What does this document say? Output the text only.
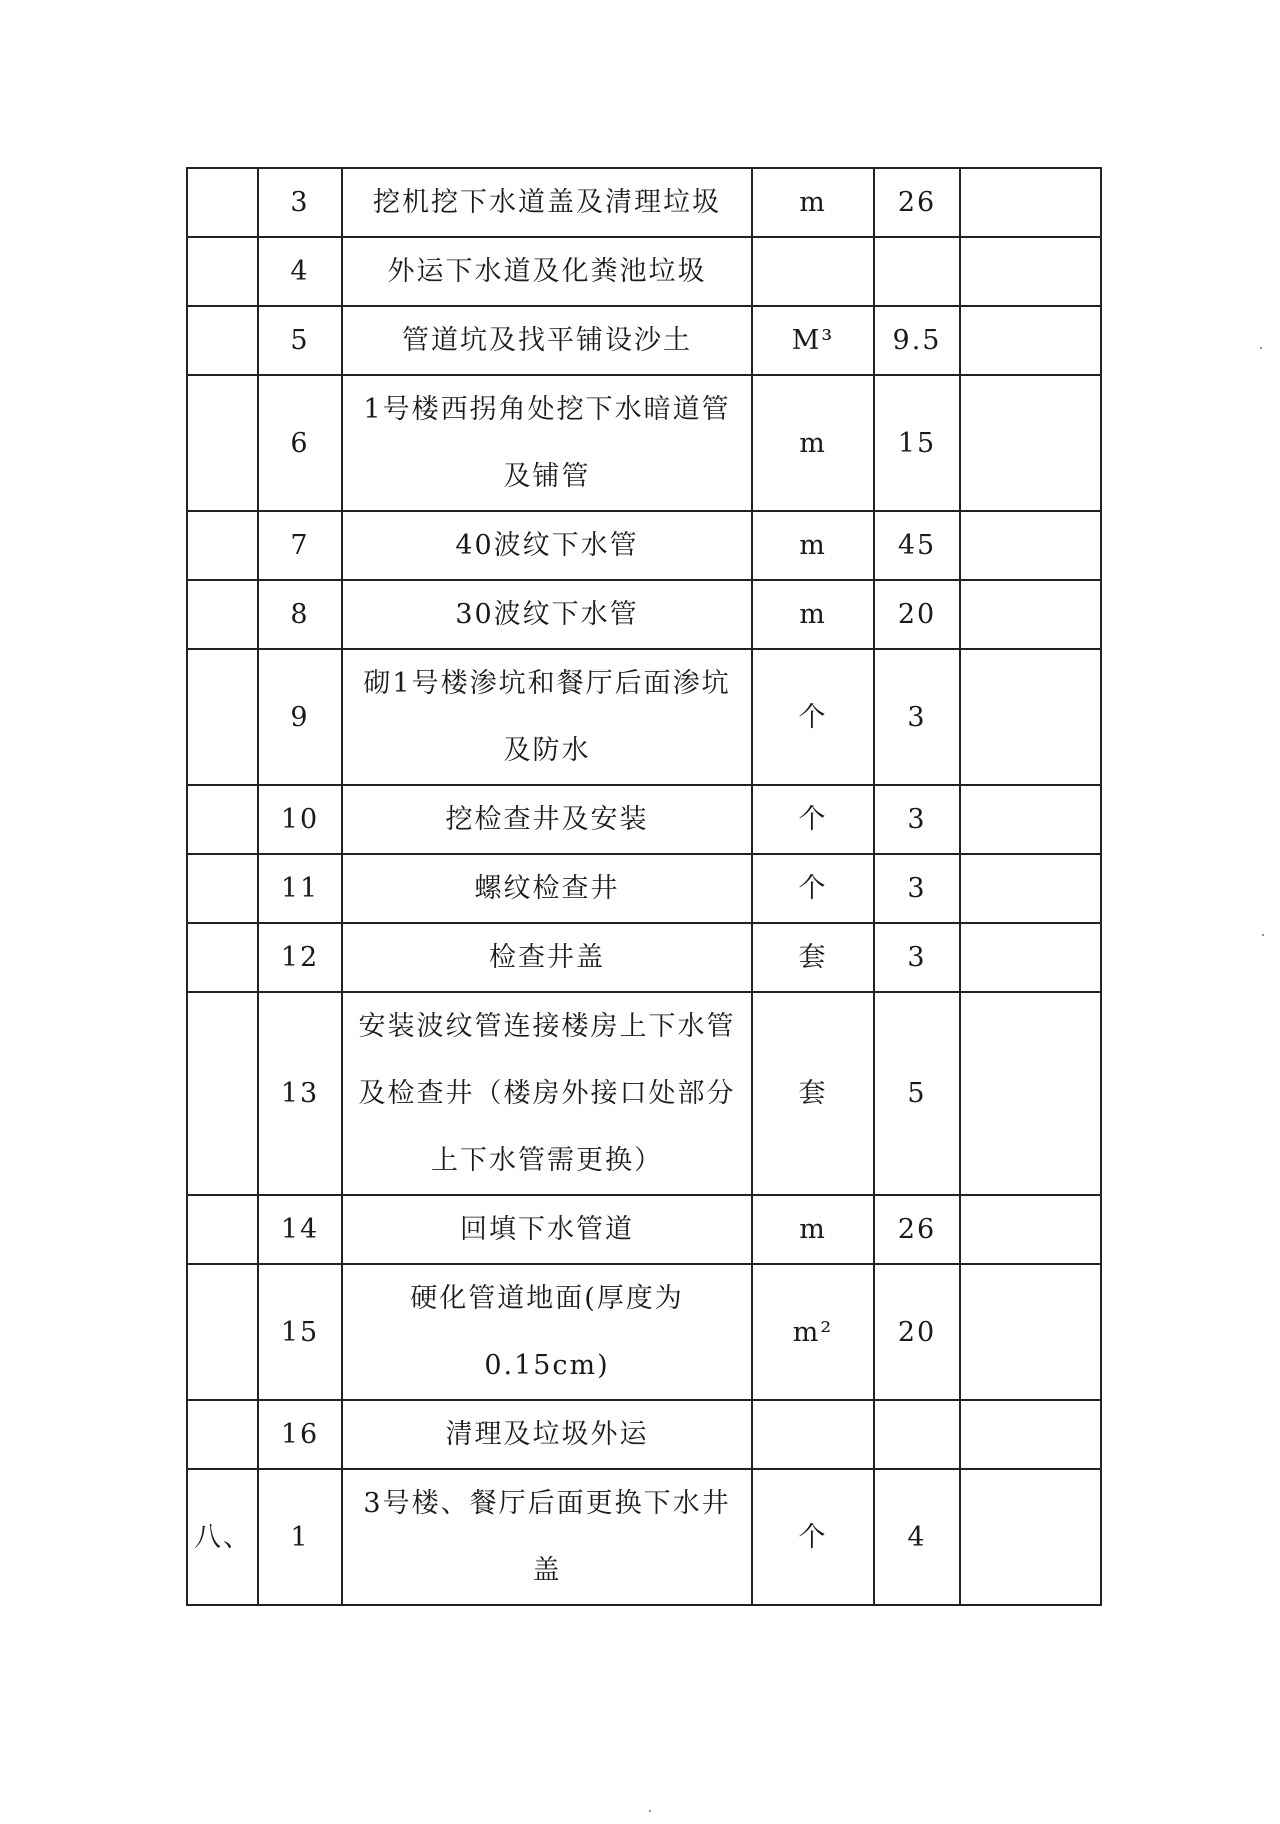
	3	挖机挖下水道盖及清理垃圾	m	26	
	4	外运下水道及化粪池垃圾			
	5	管道坑及找平铺设沙土	M³	9.5	
	6	1号楼西拐角处挖下水暗道管及铺管	m	15	
	7	40波纹下水管	m	45	
	8	30波纹下水管	m	20	
	9	砌1号楼渗坑和餐厅后面渗坑及防水	个	3	
	10	挖检查井及安装	个	3	
	11	螺纹检查井	个	3	
	12	检查井盖	套	3	
	13	安装波纹管连接楼房上下水管及检查井（楼房外接口处部分上下水管需更换）	套	5	
	14	回填下水管道	m	26	
	15	硬化管道地面(厚度为0.15cm)	m²	20	
	16	清理及垃圾外运			
八、	1	3号楼、餐厅后面更换下水井盖	个	4	
